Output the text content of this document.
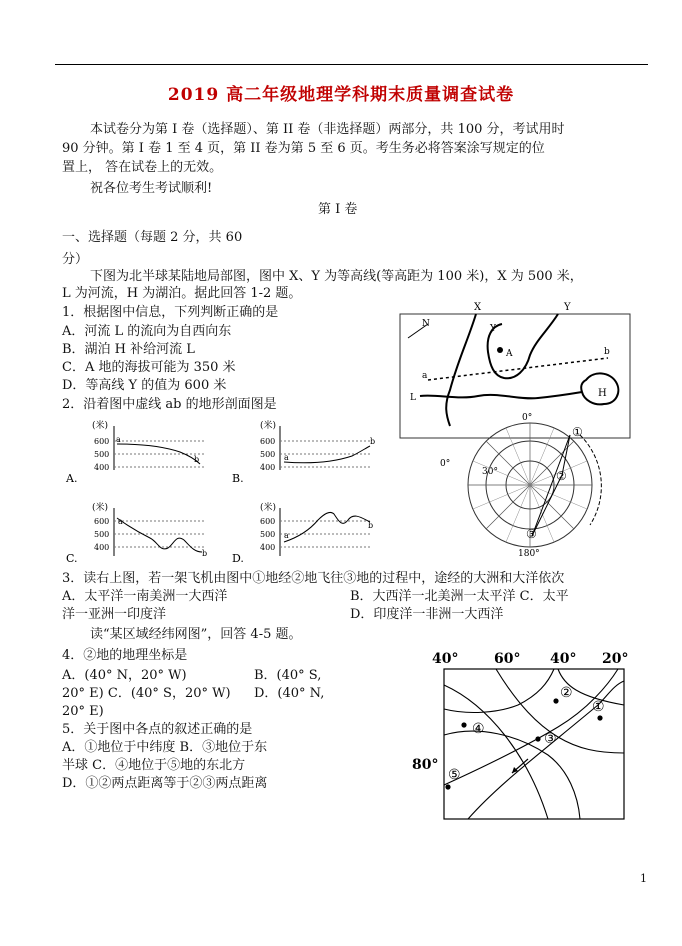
2019 高二年级地理学科期末质量调查试卷
本试卷分为第 I 卷（选择题）、第 II 卷（非选择题）两部分，共 100 分，考试用时
90 分钟。第 I 卷 1 至 4 页，第 II 卷为第 5 至 6 页。考生务必将答案涂写规定的位
置上， 答在试卷上的无效。
祝各位考生考试顺利!
第 I 卷
一、选择题（每题 2 分，共 60
分）
下图为北半球某陆地局部图，图中 X、Y 为等高线(等高距为 100 米)，X 为 500 米，
L 为河流，H 为湖泊。据此回答 1-2 题。
1．根据图中信息，下列判断正确的是
A．河流 L 的流向为自西向东
B．湖泊 H 补给河流 L
C．A 地的海拔可能为 350 米
D．等高线 Y 的值为 600 米
2．沿着图中虚线 ab 的地形剖面图是
X	Y
N
A
Y
H
L
a
b
0°
0°
30°
180°
①
②
③
(米)
600
500
400
a
b
A.
(米)
600
500
400
a
b
B.
(米)
600
500
400
a
b
C.
(米)
600
500
400
a
b
D.
3．读右上图，若一架飞机由图中①地经②地飞往③地的过程中，途经的大洲和大洋依次
A．太平洋一南美洲一大西洋	B．大西洋一北美洲一太平洋 C．太平
洋一亚洲一印度洋	D．印度洋一非洲一大西洋
读“某区域经纬网图”，回答 4-5 题。
4．②地的地理坐标是
A．(40° N，20° W)	B．(40° S,
20° E) C．(40° S，20° W) D．(40° N,
20° E)
5．关于图中各点的叙述正确的是
A．①地位于中纬度 B．③地位于东
半球 C．④地位于⑤地的东北方
D．①②两点距离等于②③两点距离
40°	60° 40° 20°
80°
①
②
③
④
⑤
1
